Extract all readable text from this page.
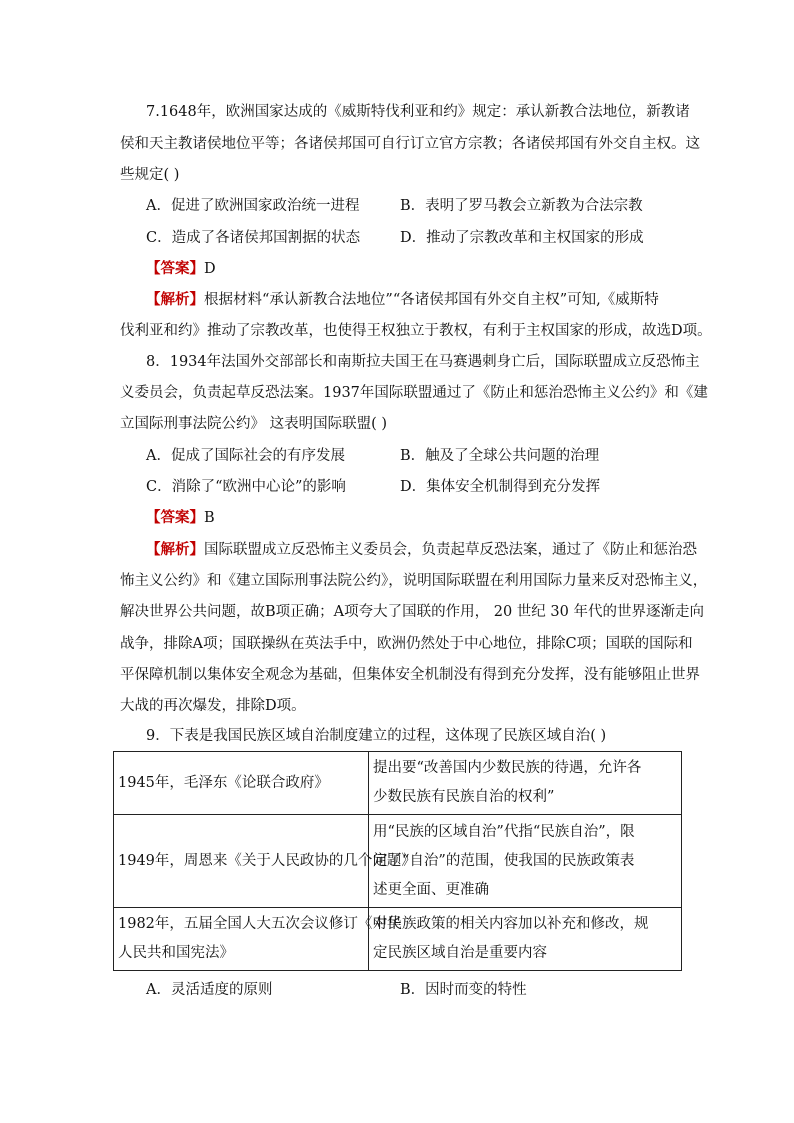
7.1648年，欧洲国家达成的《威斯特伐利亚和约》规定：承认新教合法地位，新教诸
侯和天主教诸侯地位平等；各诸侯邦国可自行订立官方宗教；各诸侯邦国有外交自主权。这
些规定( )
A．促进了欧洲国家政治统一进程	B．表明了罗马教会立新教为合法宗教
C．造成了各诸侯邦国割据的状态	D．推动了宗教改革和主权国家的形成
【答案】D
【解析】根据材料“承认新教合法地位”“各诸侯邦国有外交自主权”可知,《威斯特
伐利亚和约》推动了宗教改革，也使得王权独立于教权，有利于主权国家的形成，故选D项。
8．1934年法国外交部部长和南斯拉夫国王在马赛遇刺身亡后，国际联盟成立反恐怖主
义委员会，负责起草反恐法案。1937年国际联盟通过了《防止和惩治恐怖主义公约》和《建
立国际刑事法院公约》 这表明国际联盟( )
A．促成了国际社会的有序发展	B．触及了全球公共问题的治理
C．消除了“欧洲中心论”的影响	D．集体安全机制得到充分发挥
【答案】B
【解析】国际联盟成立反恐怖主义委员会，负责起草反恐法案，通过了《防止和惩治恐
怖主义公约》和《建立国际刑事法院公约》，说明国际联盟在利用国际力量来反对恐怖主义，
解决世界公共问题，故B项正确；A项夸大了国联的作用， 20 世纪 30 年代的世界逐渐走向
战争，排除A项；国联操纵在英法手中，欧洲仍然处于中心地位，排除C项；国联的国际和
平保障机制以集体安全观念为基础，但集体安全机制没有得到充分发挥，没有能够阻止世界
大战的再次爆发，排除D项。
9．下表是我国民族区域自治制度建立的过程，这体现了民族区域自治( )
1945年，毛泽东《论联合政府》	提出要“改善国内少数民族的待遇，允许各
少数民族有民族自治的权利”

1949年，周恩来《关于人民政协的几个问题》	用“民族的区域自治”代指“民族自治”，限
定了“自治”的范围，使我国的民族政策表
述更全面、更准确

1982年，五届全国人大五次会议修订《中华
人民共和国宪法》	对民族政策的相关内容加以补充和修改，规
定民族区域自治是重要内容
A．灵活适度的原则	B．因时而变的特性
